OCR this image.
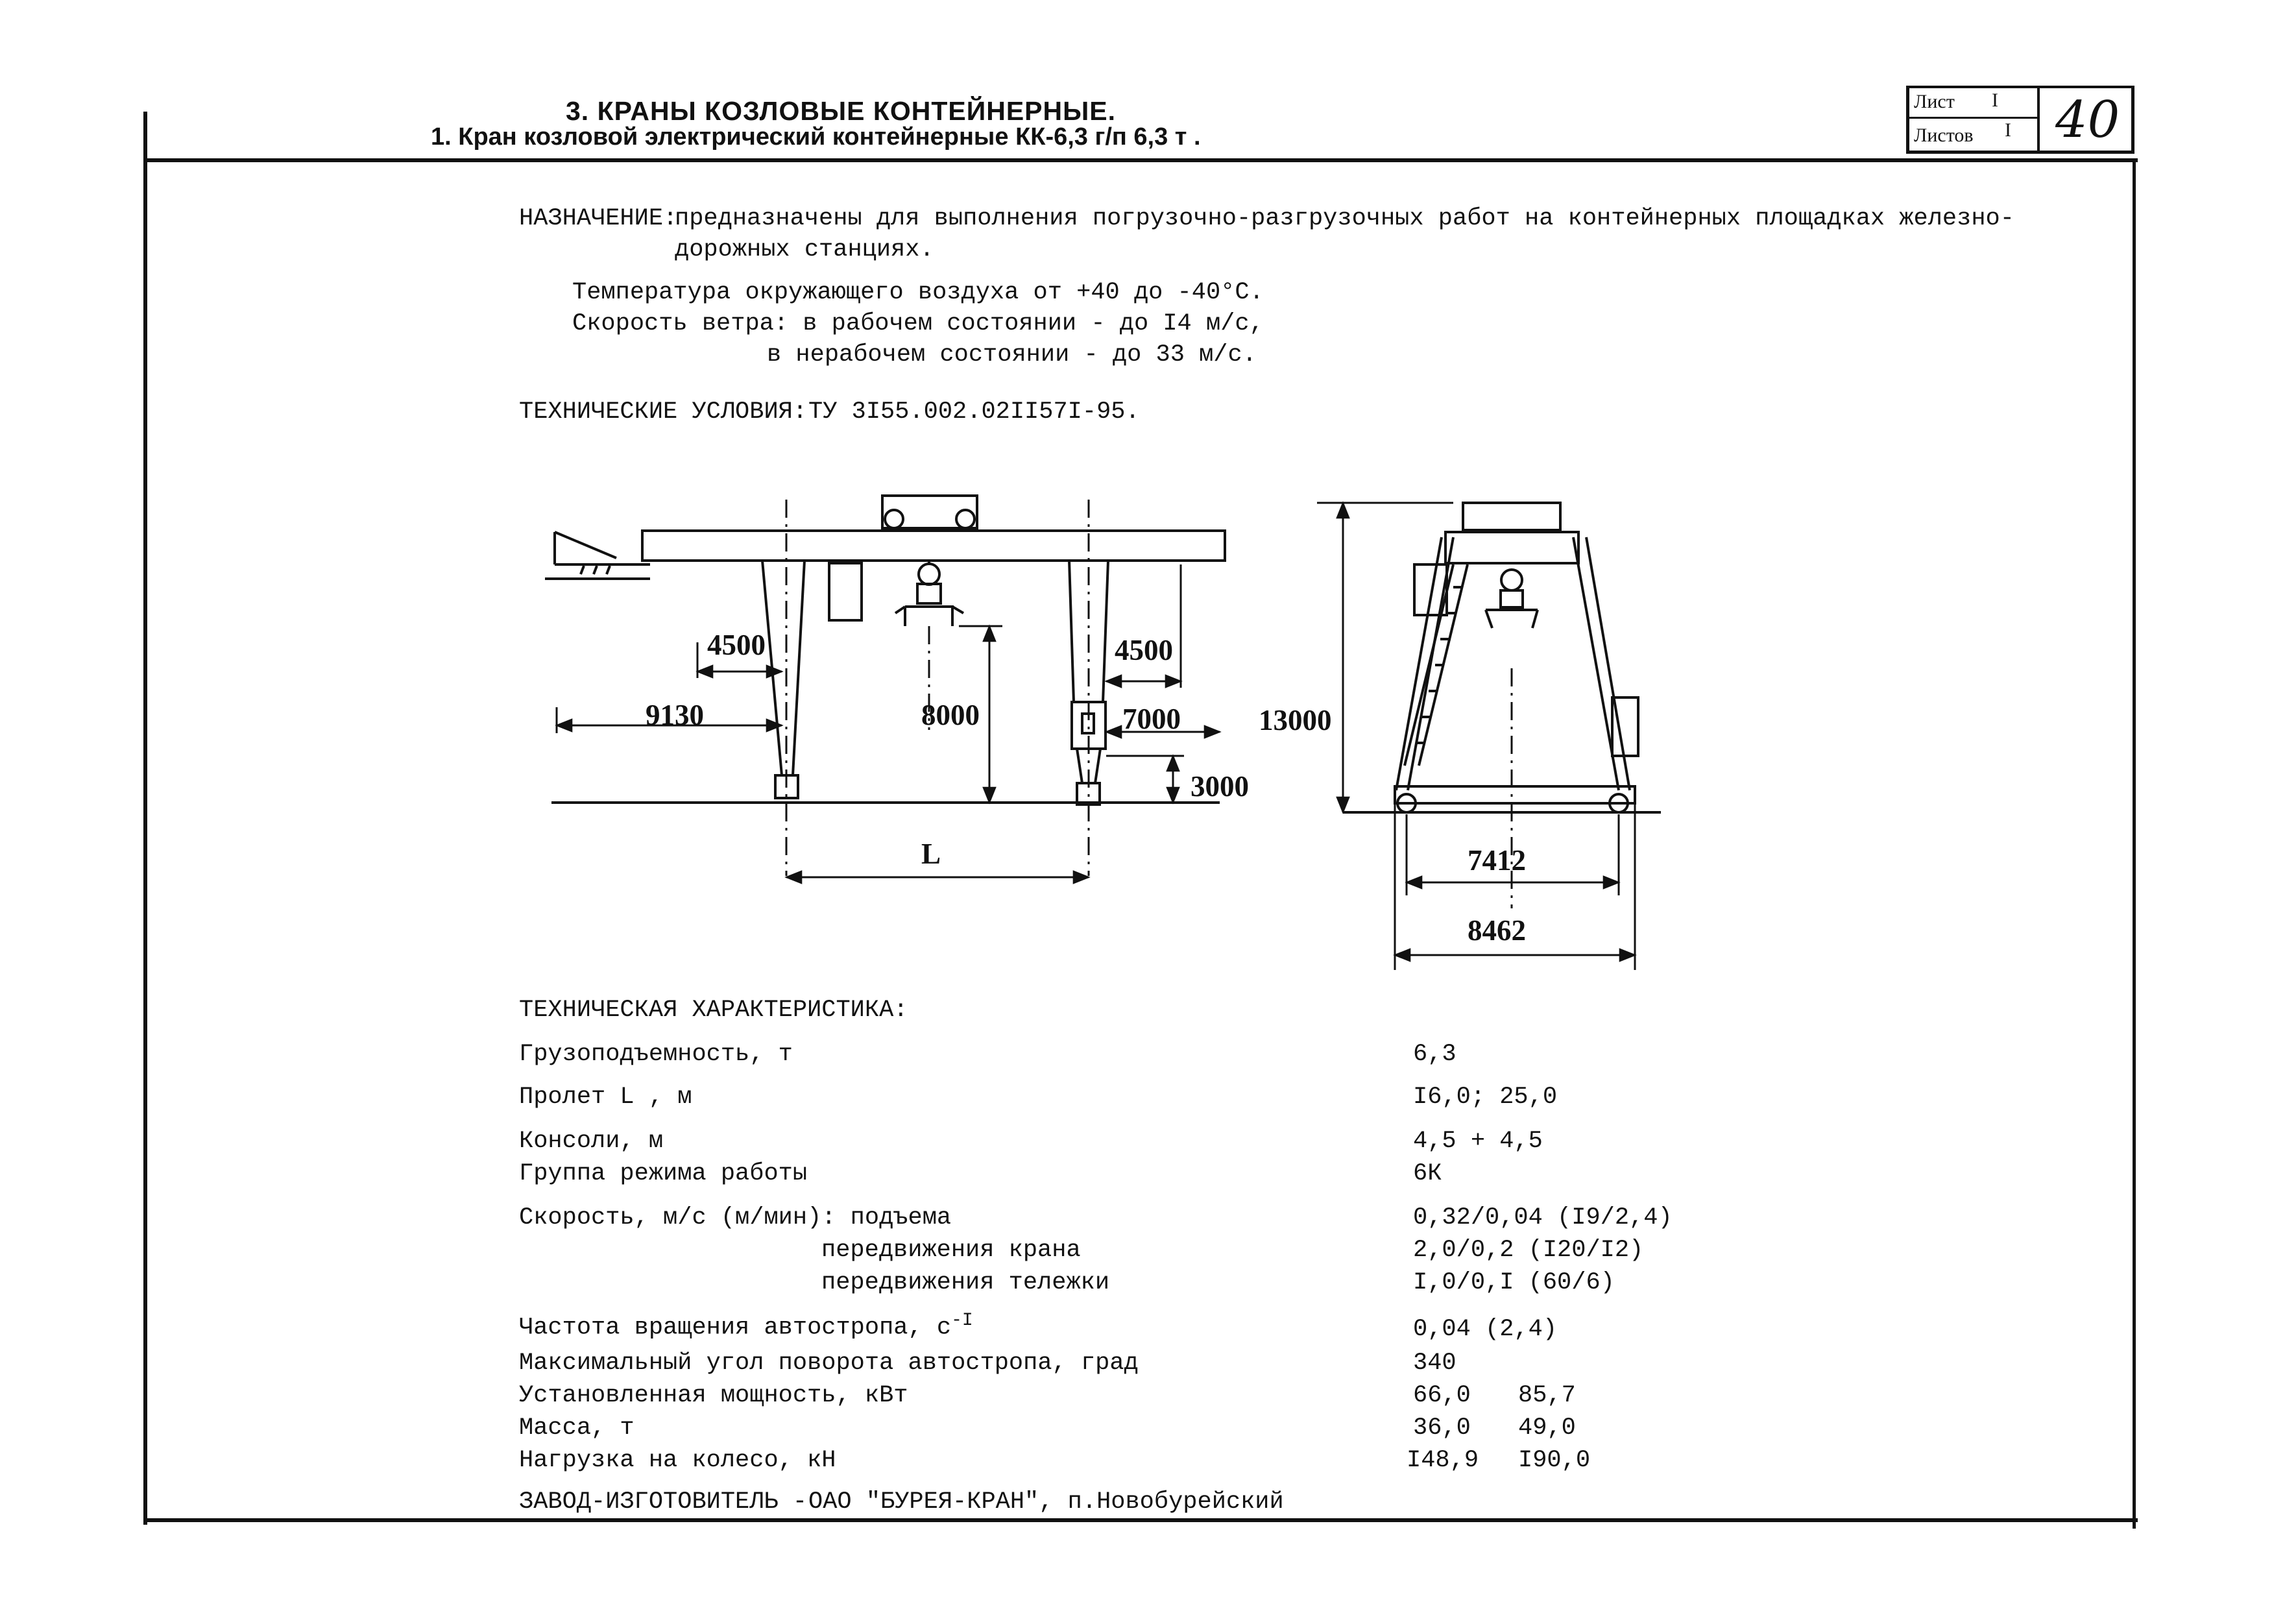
3. КРАНЫ КОЗЛОВЫЕ КОНТЕЙНЕРНЫЕ.
1. Кран козловой электрический контейнерные КК-6,3 г/п 6,3 т .
Лист I
Листов I 40
НАЗНАЧЕНИЕ:
предназначены для выполнения погрузочно-разгрузочных работ на контейнерных площадках железно-
дорожных станциях.
Температура окружающего воздуха от +40 до -40°С.
Скорость ветра: в рабочем состоянии - до I4 м/с,
в нерабочем состоянии - до 33 м/с.
ТЕХНИЧЕСКИЕ УСЛОВИЯ: ТУ 3I55.002.02II57I-95.
4500
9130	8000
4500
7000
3000
13000
L	7412
8462
ТЕХНИЧЕСКАЯ ХАРАКТЕРИСТИКА:
Грузоподъемность, т	6,3
Пролет L , м	I6,0; 25,0
Консоли, м	4,5 + 4,5
Группа режима работы	6К
Скорость, м/с (м/мин): подъема	0,32/0,04 (I9/2,4)
передвижения крана	2,0/0,2 (I20/I2)
передвижения тележки	I,0/0,I (60/6)
Частота вращения автостропа, $с^{-I}$	0,04 (2,4)
Максимальный угол поворота автостропа, град	340
Установленная мощность, кВт	66,0 85,7
Масса, т	36,0 49,0
Нагрузка на колесо, кН	I48,9 I90,0
ЗАВОД-ИЗГОТОВИТЕЛЬ - ОАО "БУРЕЯ-КРАН", п.Новобурейский
